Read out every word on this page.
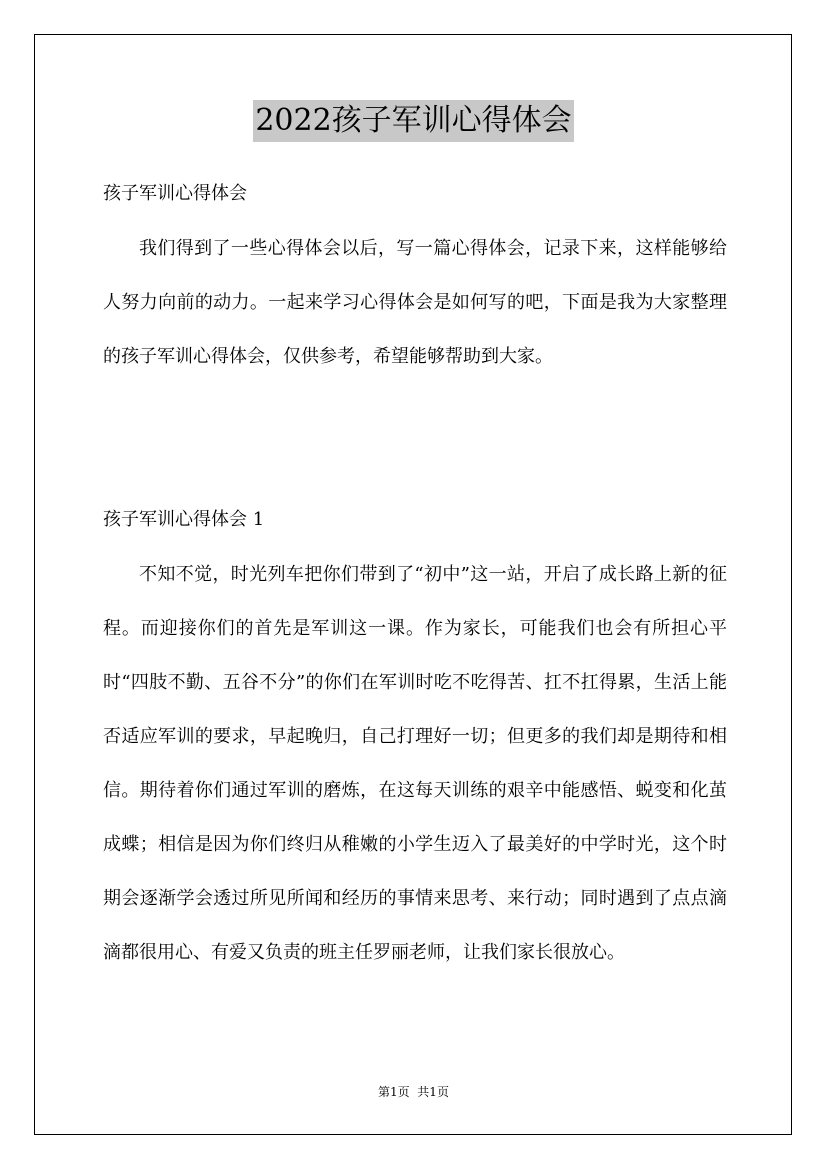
2022孩子军训心得体会
孩子军训心得体会

我们得到了一些心得体会以后，写一篇心得体会，记录下来，这样能够给人努力向前的动力。一起来学习心得体会是如何写的吧，下面是我为大家整理的孩子军训心得体会，仅供参考，希望能够帮助到大家。

孩子军训心得体会 1

不知不觉，时光列车把你们带到了“初中”这一站，开启了成长路上新的征程。而迎接你们的首先是军训这一课。作为家长，可能我们也会有所担心平时“四肢不勤、五谷不分”的你们在军训时吃不吃得苦、扛不扛得累，生活上能否适应军训的要求，早起晚归，自己打理好一切；但更多的我们却是期待和相信。期待着你们通过军训的磨炼，在这每天训练的艰辛中能感悟、蜕变和化茧成蝶；相信是因为你们终归从稚嫩的小学生迈入了最美好的中学时光，这个时期会逐渐学会透过所见所闻和经历的事情来思考、来行动；同时遇到了点点滴滴都很用心、有爱又负责的班主任罗丽老师，让我们家长很放心。

第1页  共1页
